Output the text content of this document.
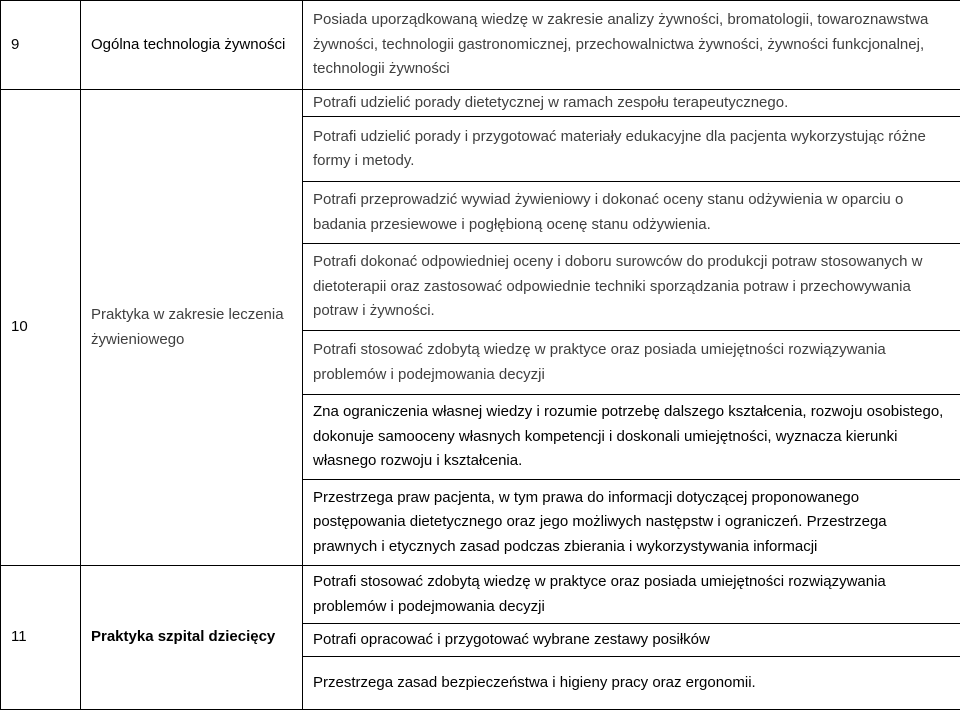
9	Ogólna technologia żywności	Posiada uporządkowaną wiedzę w zakresie analizy żywności, bromatologii, towaroznawstwa żywności, technologii gastronomicznej, przechowalnictwa żywności, żywności funkcjonalnej, technologii żywności
10	Praktyka w zakresie leczenia żywieniowego	Potrafi udzielić porady dietetycznej w ramach zespołu terapeutycznego.
		Potrafi udzielić porady i przygotować materiały edukacyjne dla pacjenta wykorzystując różne formy i metody.
		Potrafi przeprowadzić wywiad żywieniowy i dokonać oceny stanu odżywienia w oparciu o badania przesiewowe i pogłębioną ocenę stanu odżywienia.
		Potrafi dokonać odpowiedniej oceny i doboru surowców do produkcji potraw stosowanych w dietoterapii oraz zastosować odpowiednie techniki sporządzania potraw i przechowywania potraw i żywności.
		Potrafi stosować zdobytą wiedzę w praktyce oraz posiada umiejętności rozwiązywania problemów i podejmowania decyzji
		Zna ograniczenia własnej wiedzy i rozumie potrzebę dalszego kształcenia, rozwoju osobistego, dokonuje samooceny własnych kompetencji i doskonali umiejętności, wyznacza kierunki własnego rozwoju i kształcenia.
		Przestrzega praw pacjenta, w tym prawa do informacji dotyczącej proponowanego postępowania dietetycznego oraz jego możliwych następstw i ograniczeń. Przestrzega prawnych i etycznych zasad podczas zbierania i wykorzystywania informacji
11	Praktyka szpital dziecięcy	Potrafi stosować zdobytą wiedzę w praktyce oraz posiada umiejętności rozwiązywania problemów i podejmowania decyzji
		Potrafi opracować i przygotować wybrane zestawy posiłków
		Przestrzega zasad bezpieczeństwa i higieny pracy oraz ergonomii.
